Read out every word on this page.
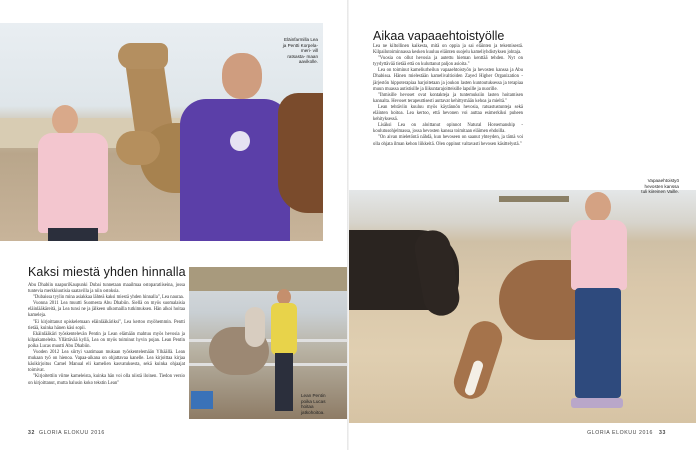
Eläinfarmilla Lea ja Pentti Korpela-meri- vill ratsasta- maan aavikolle.
Lean Pentin poika Lucas hoitaa jatkohoitoa.
Vapaaehtoistyö hevosten kanssa tuli kiireinen Vaille.
Kaksi miestä yhden hinnalla

Abu Dhabiin naapuriKaupunki Dubai tunnetaan maailmaa ostoparatiiseina, jossa tuntevia merkkiuutisia saatavilla ja niin ostoksia.

"Dubaissa tyylin mina asiakkaa lähteä kaksi miestä yhden hinnalla", Lea nauraa.

Vuonna 2011 Lea muutti Suomesta Abu Dhabiin. Siellä on myös suomalaisia eläinlääkäreitä, ja Lea tunsi ne ja jälkeen ulkomailla tutkimuksen. Hän alkoi hoitaa kameleja.

"Ei kirjoittanut opiskelemaan eläinlääkäriksi", Lea kertoo myöhemmin. Pentti tietää, kuinka hänen käsi sopii.

Ekäinlääkäri työskentelevän Pentin ja Lean elämään mahtuu myös hevosia ja kilpakameleita. Yllättävää kyllä, Lea on myös toiminut hyvin pojan. Lean Pentin poika Lucas muutti Abu Dhabiin.

Vuoden 2012 Lea siirtyi vaatimaan mukaan työskentelemään Ylhäällä. Lean mukaan työ on hienoa. Vapaa-aikana on ohjattavaa kanelle. Lea kirjoittaa kirjaa käsikirjoitus Camel Manual eli kamelien kasvatuksesta, sekä kuinka ohjaajat toimivat.

"Kirjoitettiin viime kameleista, kuinka hän voi olla niistä iloinen. Tiedon versio on kirjoittanut, mutta halusin koko tekstin Lean"

Aikaa vapaaehtoistyölle

Lea ne kiltollinen kaikesta, mitä on oppia ja sai eläinten ja tekemisestä. Kilpailutoiminnassa kesken kuuluu eläinten suojelu kameliyhdistyksen johtaja.

"Vuosia on ollut hevosia ja autettu hieman kenttää tehden. Nyt on tyydyttävää tietää että on kuluttanut paljon asioita."

Lea on toiminut kameliurheilun vapaaehtoistyön ja hevosten kanssa ja Abu Dhabissa. Hänen mielestään kamelivaltioiden Zayed Higher Organization -järjestön hippoterapiaa harjoitetaan ja joukon lasten kuntoutuksessa ja terapiaa muun muassa autistisille ja liikuntarajoitteisille lapsille ja nuorille.

"Ihmisille hevoset ovat kontakteja ja tuntemuksiin lasten hoitamisen kannalta. Hevoset terapeuttisesti auttavat kehittymään kehoa ja mieltä."

Lean tehtäviin kuuluu myös käytännön hevosia, ratsastustunteja sekä eläinten hoitoa. Lea kertoo, että hevonen voi auttaa esimerkiksi puheen kehityksessä.

Lisäksi Lea on aloittanut opinnot Natural Horsemanship -koulutusohjelmassa, jossa hevosten kanssa toimitaan eläimen ehdoilla.

"On aivan mieletöntä nähdä, kun hevoseen on saanut yhteyden, ja tämä voi olla ohjata ilman kehon liikkeitä. Olen oppinut valtavasti hevosen käsittelystä."

32 GLORIA ELOKUU 2016	GLORIA ELOKUU 2016 33
